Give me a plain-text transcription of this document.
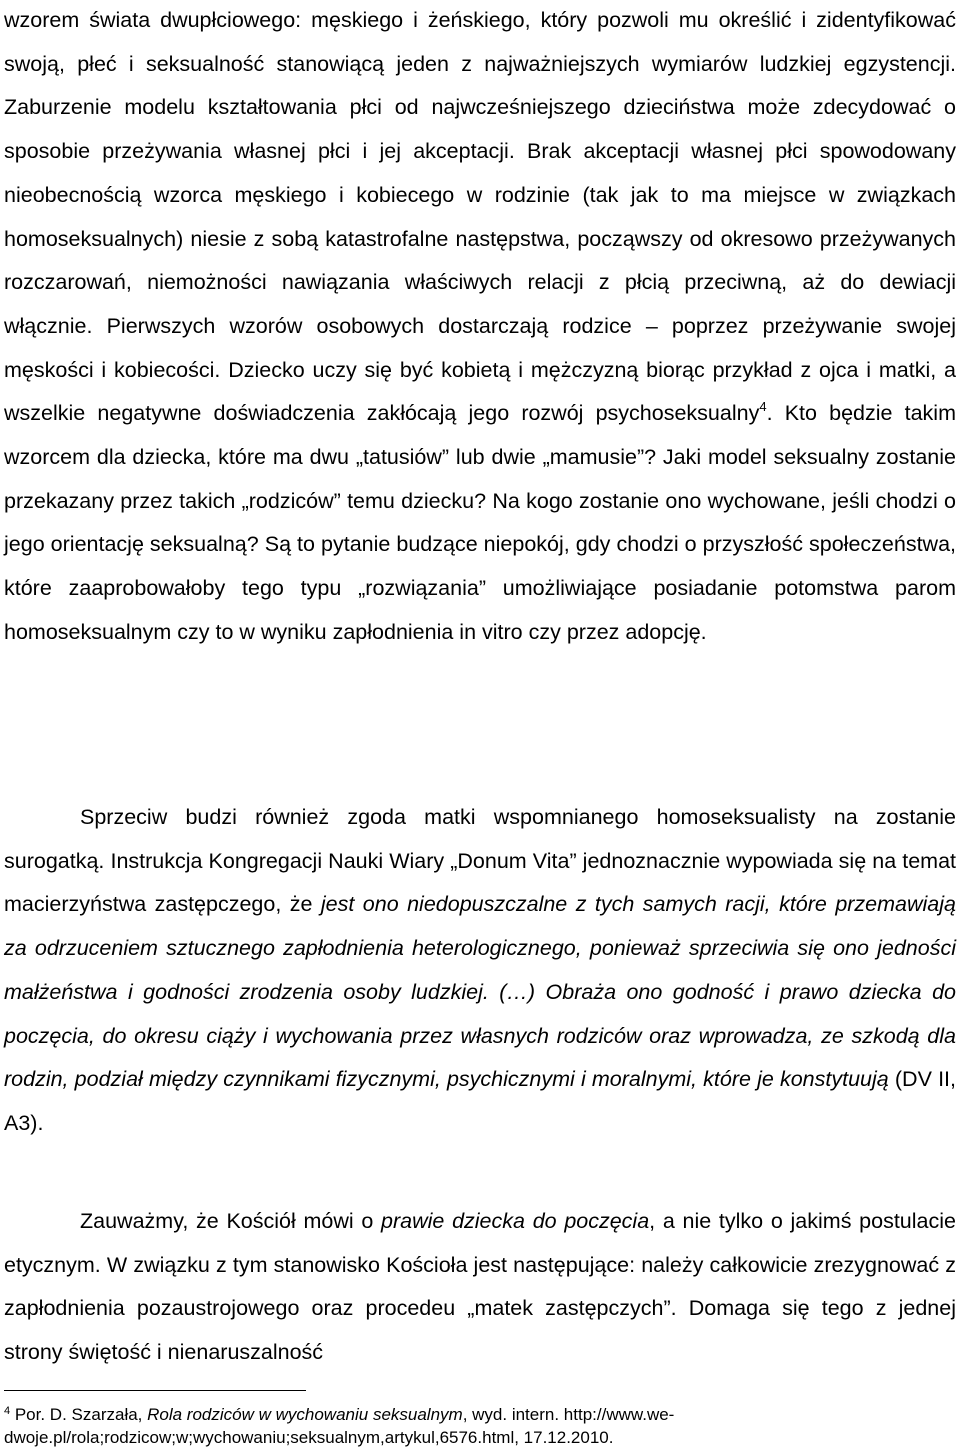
wzorem świata dwupłciowego: męskiego i żeńskiego, który pozwoli mu określić i zidentyfikować swoją, płeć i seksualność stanowiącą jeden z najważniejszych wymiarów ludzkiej egzystencji. Zaburzenie modelu kształtowania płci od najwcześniejszego dzieciństwa może zdecydować o sposobie przeżywania własnej płci i jej akceptacji. Brak akceptacji własnej płci spowodowany nieobecnością wzorca męskiego i kobiecego w rodzinie (tak jak to ma miejsce w związkach homoseksualnych) niesie z sobą katastrofalne następstwa, począwszy od okresowo przeżywanych rozczarowań, niemożności nawiązania właściwych relacji z płcią przeciwną, aż do dewiacji włącznie. Pierwszych wzorów osobowych dostarczają rodzice – poprzez przeżywanie swojej męskości i kobiecości. Dziecko uczy się być kobietą i mężczyzną biorąc przykład z ojca i matki, a wszelkie negatywne doświadczenia zakłócają jego rozwój psychoseksualny$^4$. Kto będzie takim wzorcem dla dziecka, które ma dwu „tatusiów” lub dwie „mamusie”? Jaki model seksualny zostanie przekazany przez takich „rodziców” temu dziecku? Na kogo zostanie ono wychowane, jeśli chodzi o jego orientację seksualną? Są to pytanie budzące niepokój, gdy chodzi o przyszłość społeczeństwa, które zaaprobowałoby tego typu „rozwiązania” umożliwiające posiadanie potomstwa parom homoseksualnym czy to w wyniku zapłodnienia in vitro czy przez adopcję.

Sprzeciw budzi również zgoda matki wspomnianego homoseksualisty na zostanie surogatką. Instrukcja Kongregacji Nauki Wiary „Donum Vita” jednoznacznie wypowiada się na temat macierzyństwa zastępczego, że jest ono niedopuszczalne z tych samych racji, które przemawiają za odrzuceniem sztucznego zapłodnienia heterologicznego, ponieważ sprzeciwia się ono jedności małżeństwa i godności zrodzenia osoby ludzkiej. (…) Obraża ono godność i prawo dziecka do poczęcia, do okresu ciąży i wychowania przez własnych rodziców oraz wprowadza, ze szkodą dla rodzin, podział między czynnikami fizycznymi, psychicznymi i moralnymi, które je konstytuują (DV II, A3).

Zauważmy, że Kościół mówi o prawie dziecka do poczęcia, a nie tylko o jakimś postulacie etycznym. W związku z tym stanowisko Kościoła jest następujące: należy całkowicie zrezygnować z zapłodnienia pozaustrojowego oraz procedeu „matek zastępczych”. Domaga się tego z jednej strony świętość i nienaruszalność

$^4$ Por. D. Szarzała, Rola rodziców w wychowaniu seksualnym, wyd. intern. http://www.we-dwoje.pl/rola;rodzicow;w;wychowaniu;seksualnym,artykul,6576.html, 17.12.2010.
